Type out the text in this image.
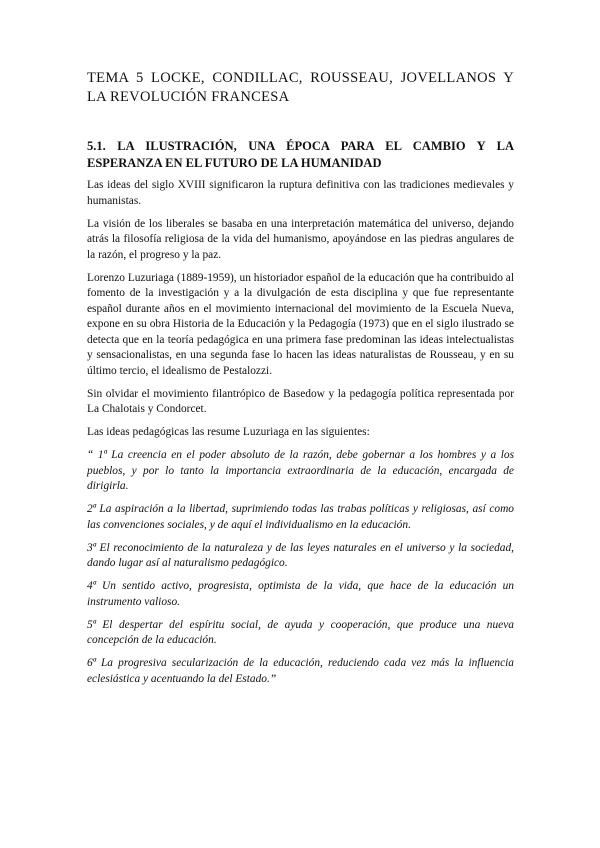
TEMA 5 LOCKE, CONDILLAC, ROUSSEAU, JOVELLANOS Y LA REVOLUCIÓN FRANCESA
5.1. LA ILUSTRACIÓN, UNA ÉPOCA PARA EL CAMBIO Y LA ESPERANZA EN EL FUTURO DE LA HUMANIDAD

Las ideas del siglo XVIII significaron la ruptura definitiva con las tradiciones medievales y humanistas.

La visión de los liberales se basaba en una interpretación matemática del universo, dejando atrás la filosofía religiosa de la vida del humanismo, apoyándose en las piedras angulares de la razón, el progreso y la paz.

Lorenzo Luzuriaga (1889-1959), un historiador español de la educación que ha contribuido al fomento de la investigación y a la divulgación de esta disciplina y que fue representante español durante años en el movimiento internacional del movimiento de la Escuela Nueva, expone en su obra Historia de la Educación y la Pedagogía (1973) que en el siglo ilustrado se detecta que en la teoría pedagógica en una primera fase predominan las ideas intelectualistas y sensacionalistas, en una segunda fase lo hacen las ideas naturalistas de Rousseau, y en su último tercio, el idealismo de Pestalozzi.

Sin olvidar el movimiento filantrópico de Basedow y la pedagogía política representada por La Chalotais y Condorcet.

Las ideas pedagógicas las resume Luzuriaga en las siguientes:

“ 1ª La creencia en el poder absoluto de la razón, debe gobernar a los hombres y a los pueblos, y por lo tanto la importancia extraordinaria de la educación, encargada de dirigirla.

2ª La aspiración a la libertad, suprimiendo todas las trabas políticas y religiosas, así como las convenciones sociales, y de aquí el individualismo en la educación.

3ª El reconocimiento de la naturaleza y de las leyes naturales en el universo y la sociedad, dando lugar así al naturalismo pedagógico.

4ª Un sentido activo, progresista, optimista de la vida, que hace de la educación un instrumento valioso.

5ª El despertar del espíritu social, de ayuda y cooperación, que produce una nueva concepción de la educación.

6ª La progresiva secularización de la educación, reduciendo cada vez más la influencia eclesiástica y acentuando la del Estado.”
